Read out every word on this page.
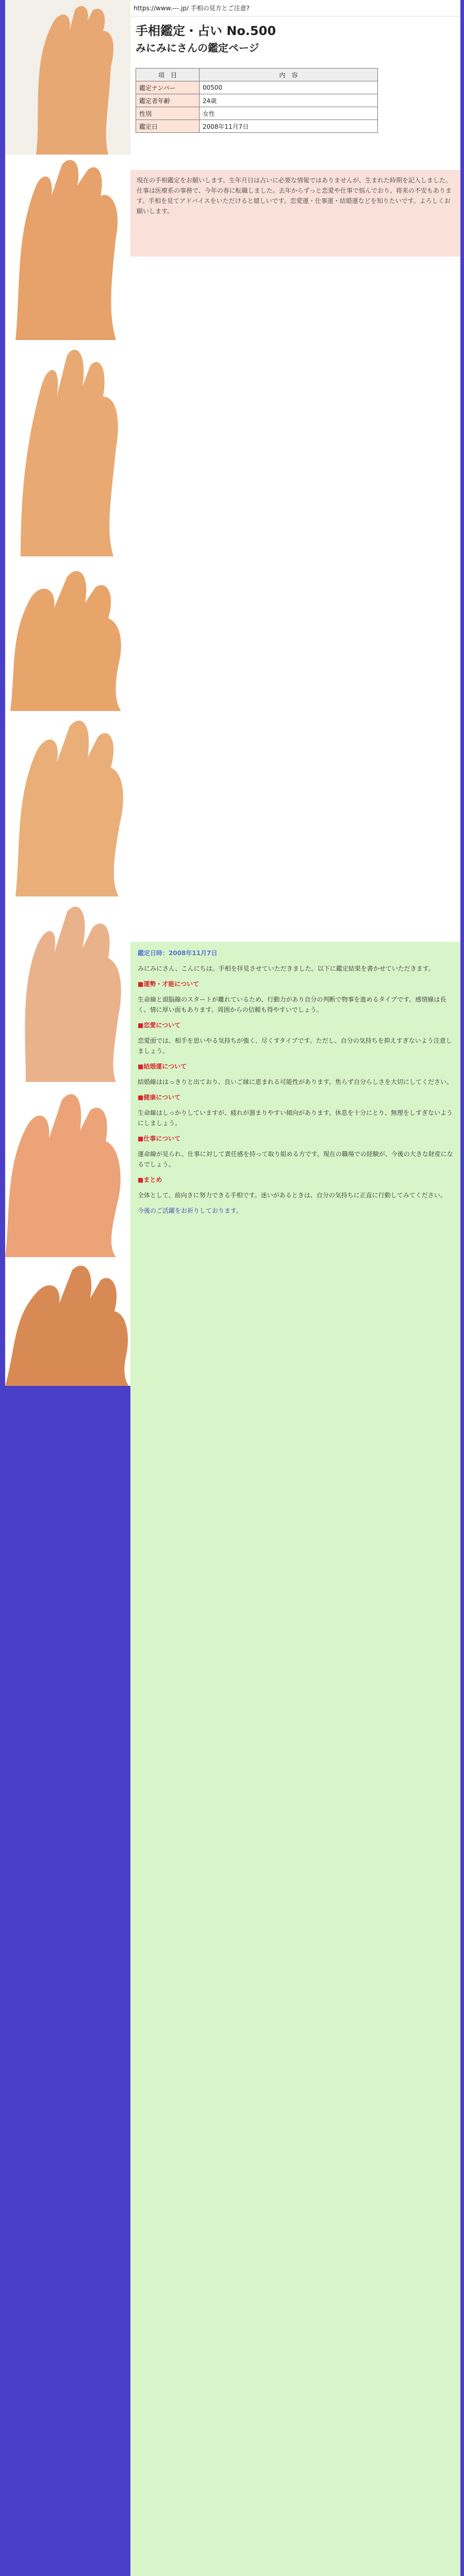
https://www.---.jp/ 手相の見方とご注意?
手相鑑定・占い No.500
みにみにさんの鑑定ページ
項　目	内　容
鑑定ナンバー	00500
鑑定者年齢	24歳
性別	女性
鑑定日	2008年11月7日
現在の手相鑑定をお願いします。生年月日は占いに必要な情報ではありませんが、生まれた時期を記入しました。仕事は医療系の事務で、今年の春に転職しました。去年からずっと恋愛や仕事で悩んでおり、将来の不安もあります。手相を見てアドバイスをいただけると嬉しいです。恋愛運・仕事運・結婚運などを知りたいです。よろしくお願いします。

鑑定日時：2008年11月7日

みにみにさん、こんにちは。手相を拝見させていただきました。以下に鑑定結果を書かせていただきます。

■運勢・才能について

生命線と頭脳線のスタートが離れているため、行動力があり自分の判断で物事を進めるタイプです。感情線は長く、情に厚い面もあります。周囲からの信頼も得やすいでしょう。

■恋愛について

恋愛面では、相手を思いやる気持ちが強く、尽くすタイプです。ただし、自分の気持ちを抑えすぎないよう注意しましょう。

■結婚運について

結婚線ははっきりと出ており、良いご縁に恵まれる可能性があります。焦らず自分らしさを大切にしてください。

■健康について

生命線はしっかりしていますが、疲れが溜まりやすい傾向があります。休息を十分にとり、無理をしすぎないようにしましょう。

■仕事について

運命線が見られ、仕事に対して責任感を持って取り組める方です。現在の職場での経験が、今後の大きな財産になるでしょう。

■まとめ

全体として、前向きに努力できる手相です。迷いがあるときは、自分の気持ちに正直に行動してみてください。

今後のご活躍をお祈りしております。
